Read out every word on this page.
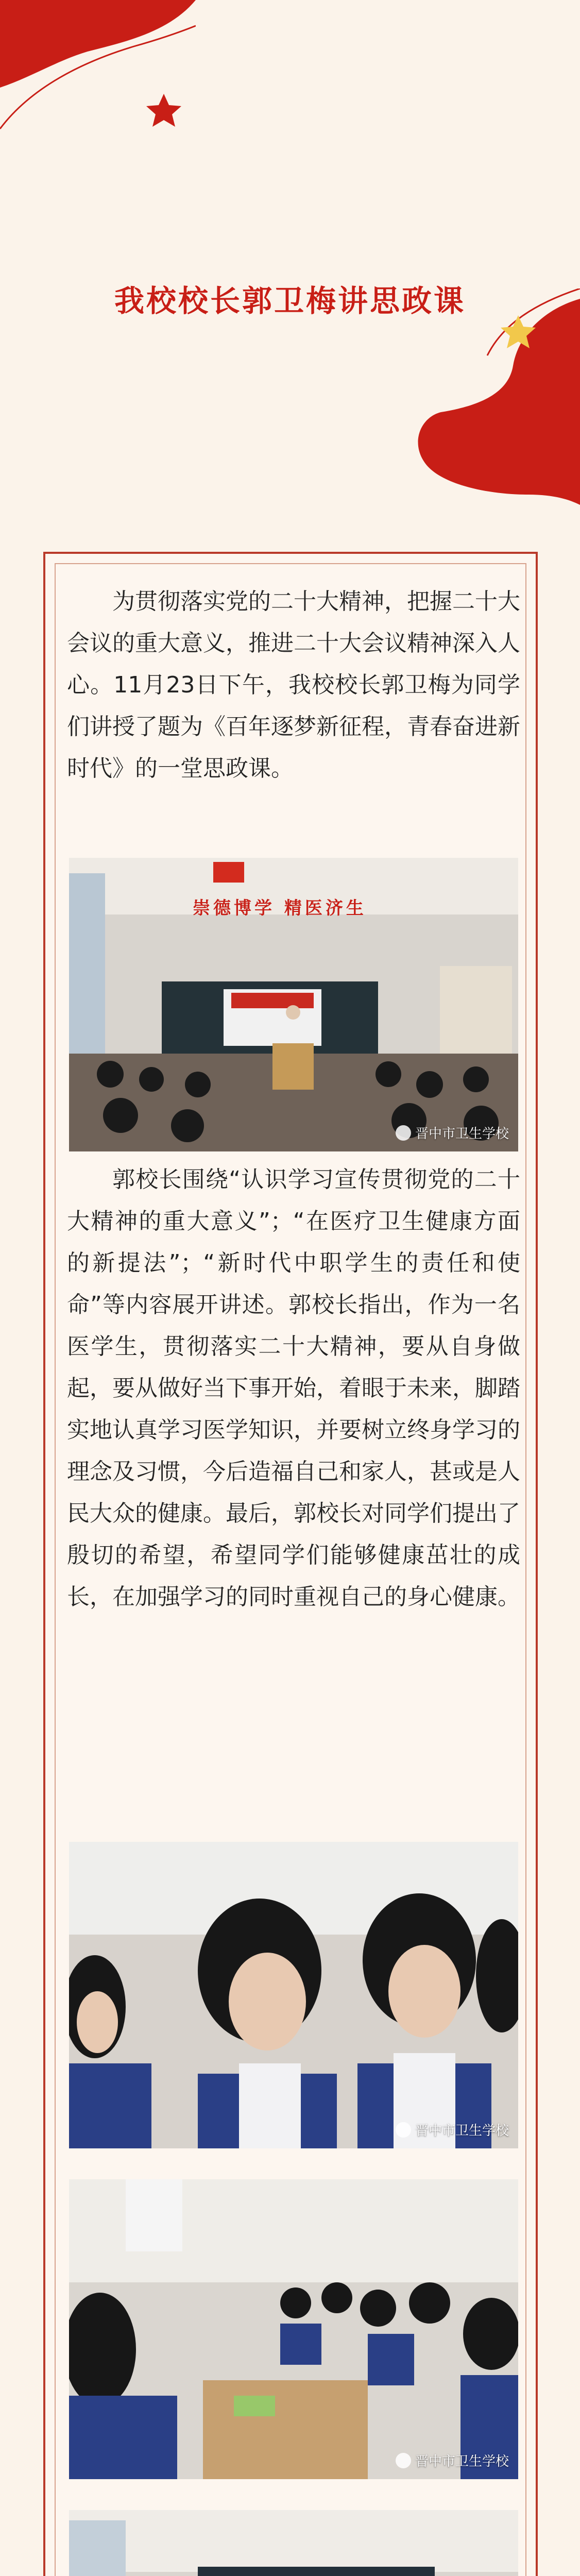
我校校长郭卫梅讲思政课

为贯彻落实党的二十大精神，把握二十大会议的重大意义，推进二十大会议精神深入人心。11月23日下午，我校校长郭卫梅为同学们讲授了题为《百年逐梦新征程，青春奋进新时代》的一堂思政课。

崇德博学 精医济生
晋中市卫生学校

郭校长围绕“认识学习宣传贯彻党的二十大精神的重大意义”；“在医疗卫生健康方面的新提法”；“新时代中职学生的责任和使命”等内容展开讲述。郭校长指出，作为一名医学生，贯彻落实二十大精神，要从自身做起，要从做好当下事开始，着眼于未来，脚踏实地认真学习医学知识，并要树立终身学习的理念及习惯，今后造福自己和家人，甚或是人民大众的健康。最后，郭校长对同学们提出了殷切的希望，希望同学们能够健康茁壮的成长，在加强学习的同时重视自己的身心健康。

晋中市卫生学校
晋中市卫生学校
